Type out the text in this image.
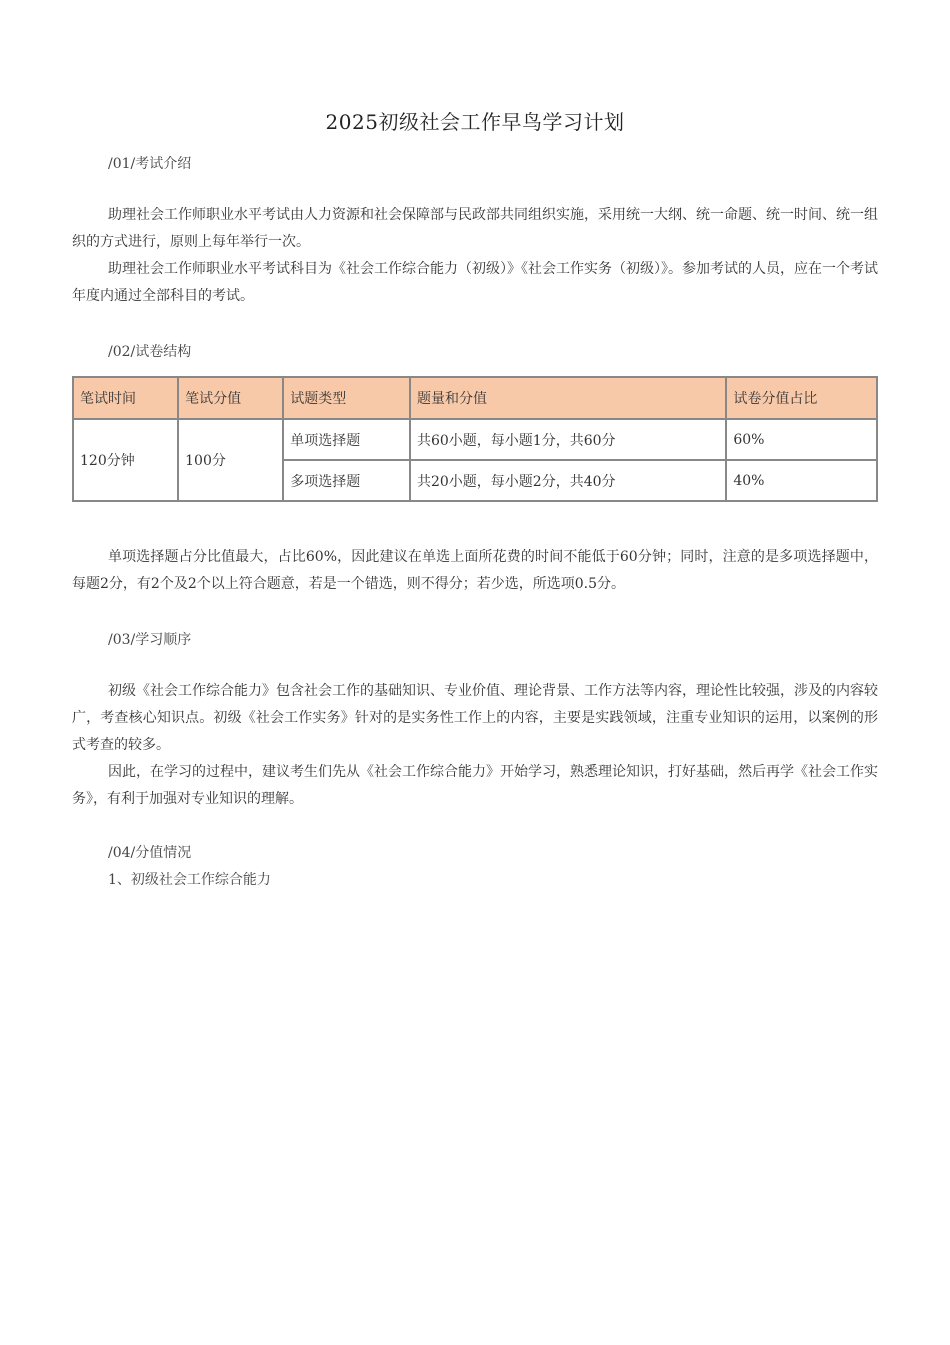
2025初级社会工作早鸟学习计划
/01/考试介绍

助理社会工作师职业水平考试由人力资源和社会保障部与民政部共同组织实施，采用统一大纲、统一命题、统一时间、统一组织的方式进行，原则上每年举行一次。

助理社会工作师职业水平考试科目为《社会工作综合能力（初级）》《社会工作实务（初级）》。参加考试的人员，应在一个考试年度内通过全部科目的考试。

/02/试卷结构
笔试时间	笔试分值	试题类型	题量和分值	试卷分值占比
120分钟	100分	单项选择题	共60小题，每小题1分，共60分	60%
		多项选择题	共20小题，每小题2分，共40分	40%

单项选择题占分比值最大，占比60%，因此建议在单选上面所花费的时间不能低于60分钟；同时，注意的是多项选择题中，每题2分，有2个及2个以上符合题意，若是一个错选，则不得分；若少选，所选项0.5分。

/03/学习顺序

初级《社会工作综合能力》包含社会工作的基础知识、专业价值、理论背景、工作方法等内容，理论性比较强，涉及的内容较广，考查核心知识点。初级《社会工作实务》针对的是实务性工作上的内容，主要是实践领域，注重专业知识的运用，以案例的形式考查的较多。

因此，在学习的过程中，建议考生们先从《社会工作综合能力》开始学习，熟悉理论知识，打好基础，然后再学《社会工作实务》，有利于加强对专业知识的理解。

/04/分值情况
1、初级社会工作综合能力
